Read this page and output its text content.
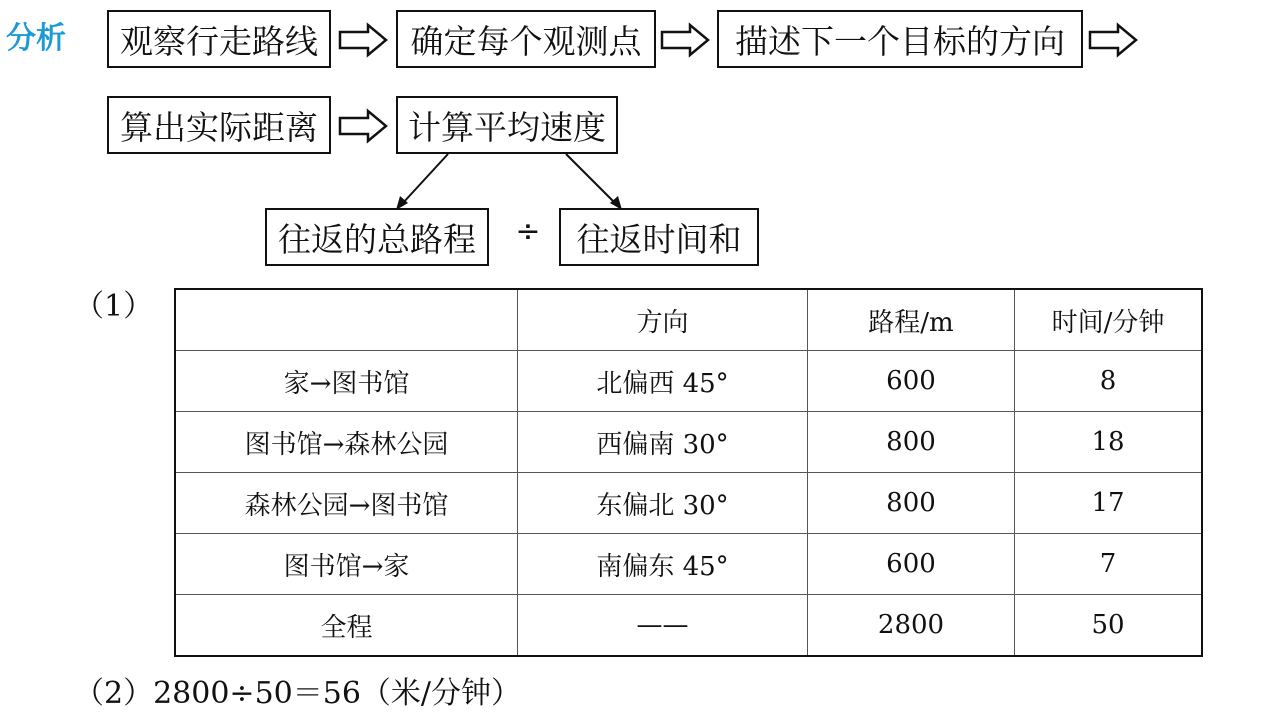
分析	观察行走路线	确定每个观测点	描述下一个目标的方向
算出实际距离	计算平均速度
往返的总路程	÷	往返时间和
（1）
		方向	路程/m	时间/分钟
家→图书馆	北偏西 45°	600	8
图书馆→森林公园	西偏南 30°	800	18
森林公园→图书馆	东偏北 30°	800	17
图书馆→家	南偏东 45°	600	7
全程	——	2800	50
（2）2800÷50＝56（米/分钟）
